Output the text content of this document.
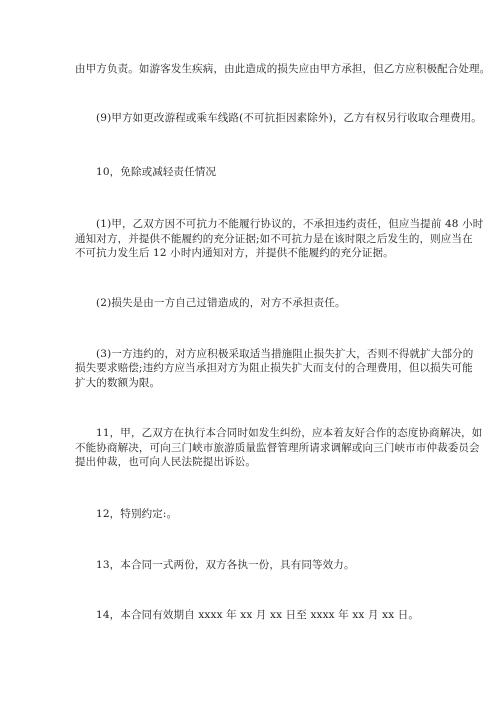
由甲方负责。如游客发生疾病，由此造成的损失应由甲方承担，但乙方应积极配合处理。
(9)甲方如更改游程或乘车线路(不可抗拒因素除外)，乙方有权另行收取合理费用。
10，免除或减轻责任情况
(1)甲，乙双方因不可抗力不能履行协议的，不承担违约责任，但应当提前 48 小时
通知对方，并提供不能履约的充分证据;如不可抗力是在该时限之后发生的，则应当在
不可抗力发生后 12 小时内通知对方，并提供不能履约的充分证据。
(2)损失是由一方自己过错造成的，对方不承担责任。
(3)一方违约的，对方应积极采取适当措施阻止损失扩大，否则不得就扩大部分的
损失要求赔偿;违约方应当承担对方为阻止损失扩大而支付的合理费用，但以损失可能
扩大的数额为限。
11，甲，乙双方在执行本合同时如发生纠纷，应本着友好合作的态度协商解决，如
不能协商解决，可向三门峡市旅游质量监督管理所请求调解或向三门峡市市仲裁委员会
提出仲裁，也可向人民法院提出诉讼。
12，特别约定:。
13，本合同一式两份，双方各执一份，具有同等效力。
14，本合同有效期自 xxxx 年 xx 月 xx 日至 xxxx 年 xx 月 xx 日。
